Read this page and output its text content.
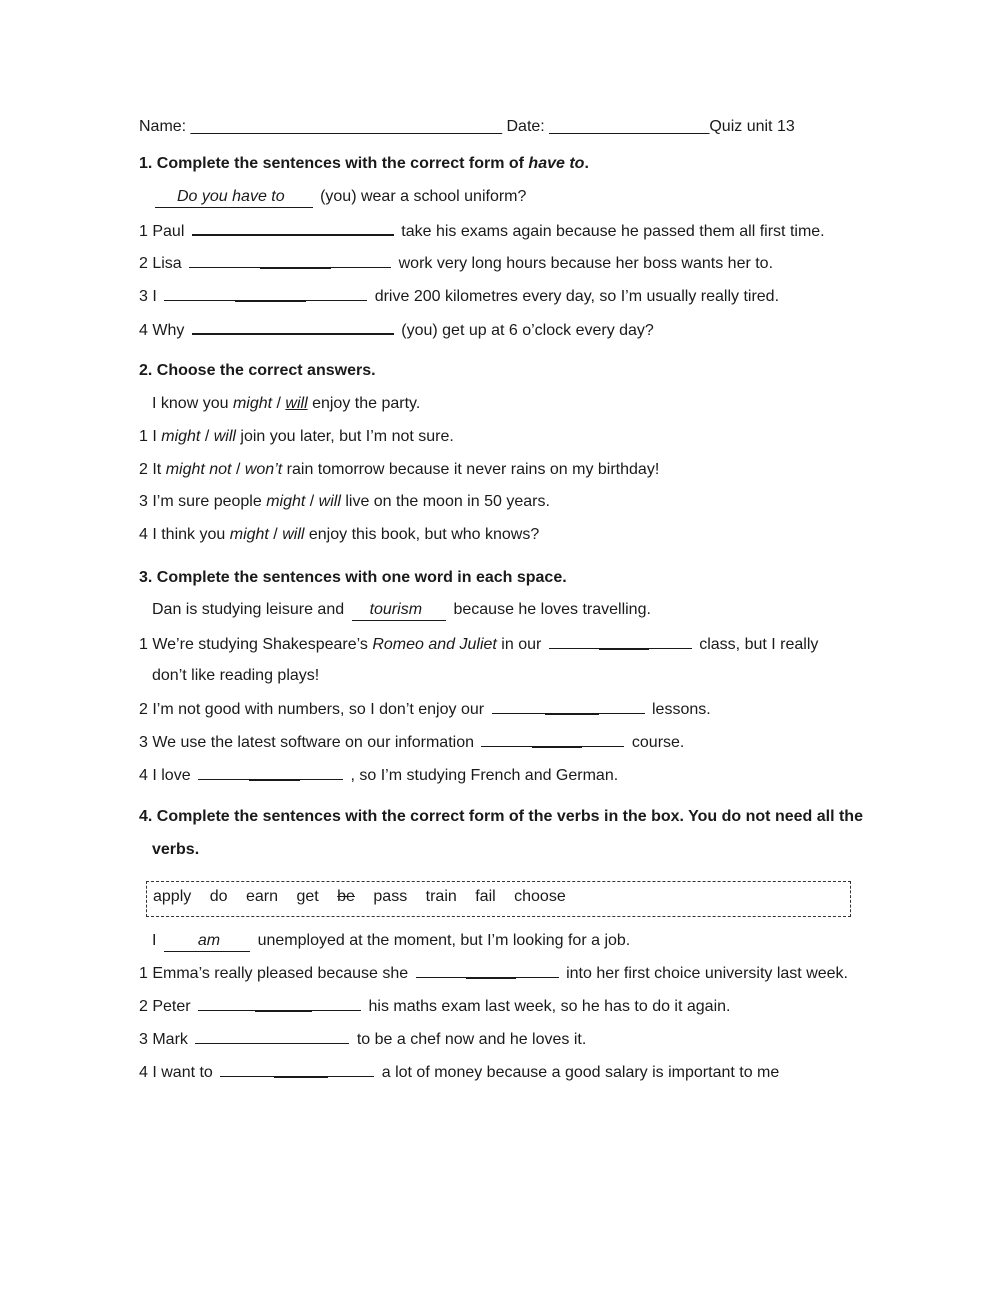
Name: ___________________________________ Date: __________________Quiz unit 13
1. Complete the sentences with the correct form of have to.
Do you have to (you) wear a school uniform?
1 Paul	take his exams again because he passed them all first time.
2 Lisa	work very long hours because her boss wants her to.
3 I	drive 200 kilometres every day, so I’m usually really tired.
4 Why	(you) get up at 6 o’clock every day?
2. Choose the correct answers.
I know you might / will enjoy the party.
1 I might / will join you later, but I’m not sure.
2 It might not / won’t rain tomorrow because it never rains on my birthday!
3 I’m sure people might / will live on the moon in 50 years.
4 I think you might / will enjoy this book, but who knows?
3. Complete the sentences with one word in each space.
Dan is studying leisure and tourism because he loves travelling.
1 We’re studying Shakespeare’s Romeo and Juliet in our	class, but I really
don’t like reading plays!
2 I’m not good with numbers, so I don’t enjoy our	lessons.
3 We use the latest software on our information	course.
4 I love	, so I’m studying French and German.
4. Complete the sentences with the correct form of the verbs in the box. You do not need all the
verbs.
apply do earn get be pass train fail choose
I	am unemployed at the moment, but I’m looking for a job.
1 Emma’s really pleased because she	into her first choice university last week.
2 Peter	his maths exam last week, so he has to do it again.
3 Mark	to be a chef now and he loves it.
4 I want to	a lot of money because a good salary is important to me
